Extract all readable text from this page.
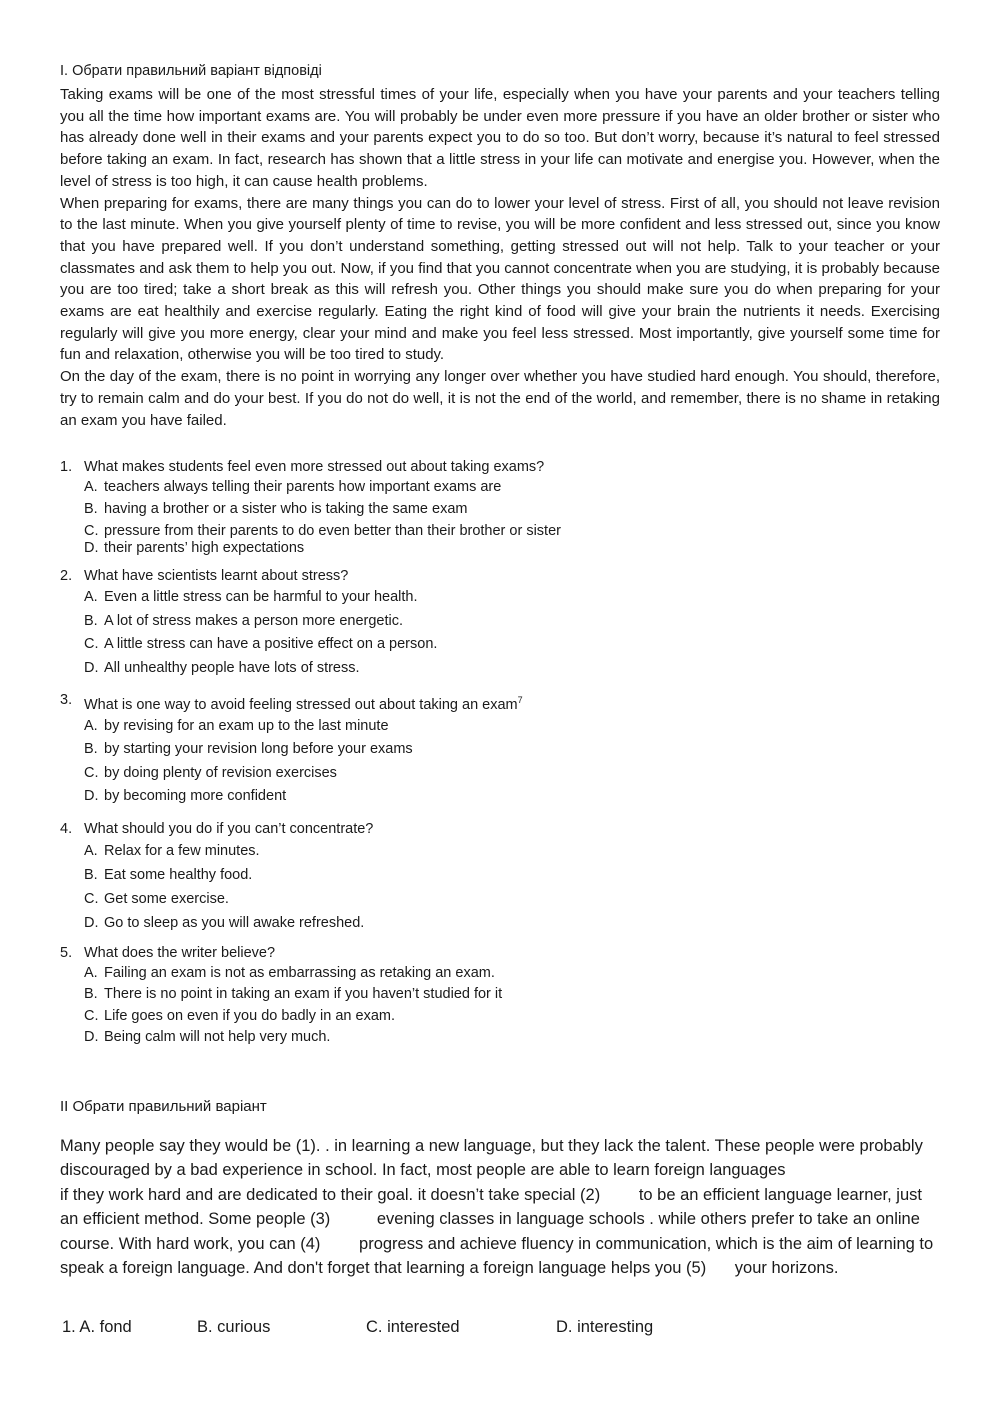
I. Обрати правильний варіант відповіді

Taking exams will be one of the most stressful times of your life, especially when you have your parents and your teachers telling you all the time how important exams are. You will probably be under even more pressure if you have an older brother or sister who has already done well in their exams and your parents expect you to do so too. But don’t worry, because it’s natural to feel stressed before taking an exam. In fact, research has shown that a little stress in your life can motivate and energise you. However, when the level of stress is too high, it can cause health problems.

When preparing for exams, there are many things you can do to lower your level of stress. First of all, you should not leave revision to the last minute. When you give yourself plenty of time to revise, you will be more confident and less stressed out, since you know that you have prepared well. If you don’t understand something, getting stressed out will not help. Talk to your teacher or your classmates and ask them to help you out. Now, if you find that you cannot concentrate when you are studying, it is probably because you are too tired; take a short break as this will refresh you. Other things you should make sure you do when preparing for your exams are eat healthily and exercise regularly. Eating the right kind of food will give your brain the nutrients it needs. Exercising regularly will give you more energy, clear your mind and make you feel less stressed. Most importantly, give yourself some time for fun and relaxation, otherwise you will be too tired to study.

On the day of the exam, there is no point in worrying any longer over whether you have studied hard enough. You should, therefore, try to remain calm and do your best. If you do not do well, it is not the end of the world, and remember, there is no shame in retaking an exam you have failed.

1. What makes students feel even more stressed out about taking exams?
A. teachers always telling their parents how important exams are
B. having a brother or a sister who is taking the same exam
C. pressure from their parents to do even better than their brother or sister
D. their parents’ high expectations
2. What have scientists learnt about stress?
A. Even a little stress can be harmful to your health.
B. A lot of stress makes a person more energetic.
C. A little stress can have a positive effect on a person.
D. All unhealthy people have lots of stress.
3. What is one way to avoid feeling stressed out about taking an exam$^7$
A. by revising for an exam up to the last minute
B. by starting your revision long before your exams
C. by doing plenty of revision exercises
D. by becoming more confident
4. What should you do if you can’t concentrate?
A. Relax for a few minutes.
B. Eat some healthy food.
C. Get some exercise.
D. Go to sleep as you will awake refreshed.
5. What does the writer believe?
A. Failing an exam is not as embarrassing as retaking an exam.
B. There is no point in taking an exam if you haven’t studied for it
C. Life goes on even if you do badly in an exam.
D. Being calm will not help very much.
II Обрати правильний варіант
Many people say they would be (1). . in learning a new language, but they lack the talent. These people were probably discouraged by a bad experience in school. In fact, most people are able to learn foreign languages
if they work hard and are dedicated to their goal. it doesn’t take special (2) to be an efficient language learner, just an efficient method. Some people (3)	evening classes in language schools . while others prefer to take an online course. With hard work, you can (4) progress and achieve fluency in communication, which is the aim of learning to speak a foreign language. And don't forget that learning a foreign language helps you (5) your horizons.
1. A. fond	B. curious	C. interested	D. interesting
